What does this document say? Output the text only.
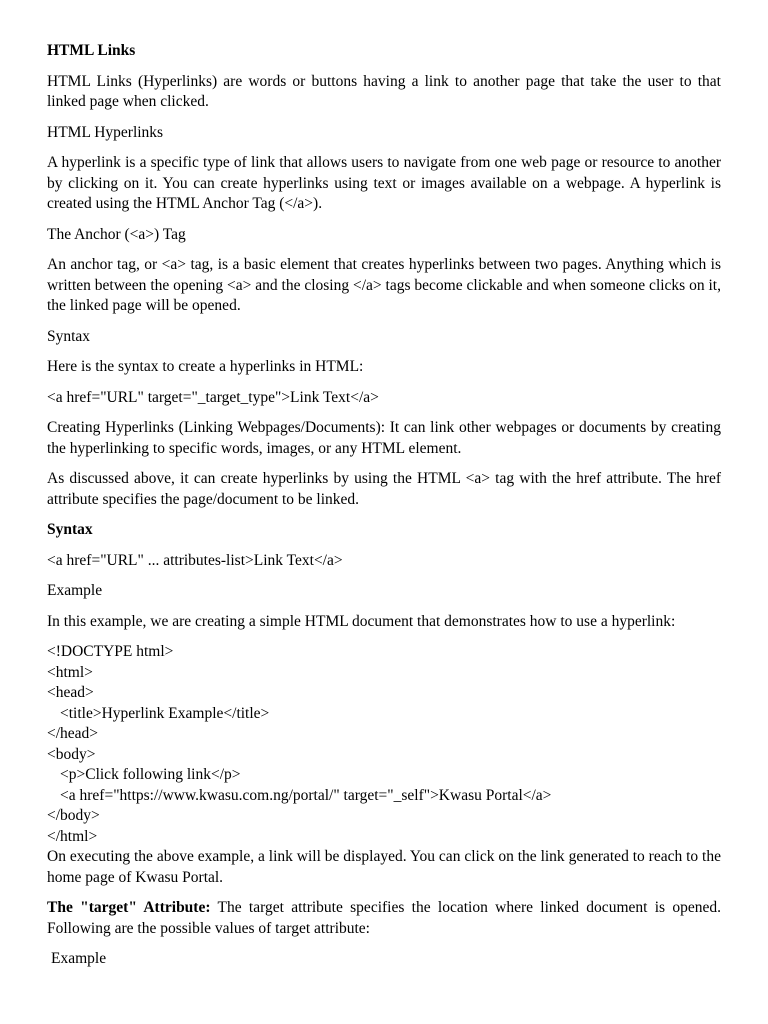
HTML Links

HTML Links (Hyperlinks) are words or buttons having a link to another page that take the user to that linked page when clicked.

HTML Hyperlinks

A hyperlink is a specific type of link that allows users to navigate from one web page or resource to another by clicking on it. You can create hyperlinks using text or images available on a webpage. A hyperlink is created using the HTML Anchor Tag (</a>).

The Anchor (<a>) Tag

An anchor tag, or <a> tag, is a basic element that creates hyperlinks between two pages. Anything which is written between the opening <a> and the closing </a> tags become clickable and when someone clicks on it, the linked page will be opened.

Syntax

Here is the syntax to create a hyperlinks in HTML:

<a href="URL" target="_target_type">Link Text</a>

Creating Hyperlinks (Linking Webpages/Documents): It can link other webpages or documents by creating the hyperlinking to specific words, images, or any HTML element.

As discussed above, it can create hyperlinks by using the HTML <a> tag with the href attribute. The href attribute specifies the page/document to be linked.

Syntax

<a href="URL" ... attributes-list>Link Text</a>

Example

In this example, we are creating a simple HTML document that demonstrates how to use a hyperlink:

<!DOCTYPE html>
<html>
<head>
<title>Hyperlink Example</title>
</head>
<body>
<p>Click following link</p>
<a href="https://www.kwasu.com.ng/portal/" target="_self">Kwasu Portal</a>
</body>
</html>

On executing the above example, a link will be displayed. You can click on the link generated to reach to the home page of Kwasu Portal.

The "target" Attribute: The target attribute specifies the location where linked document is opened. Following are the possible values of target attribute:

Example
